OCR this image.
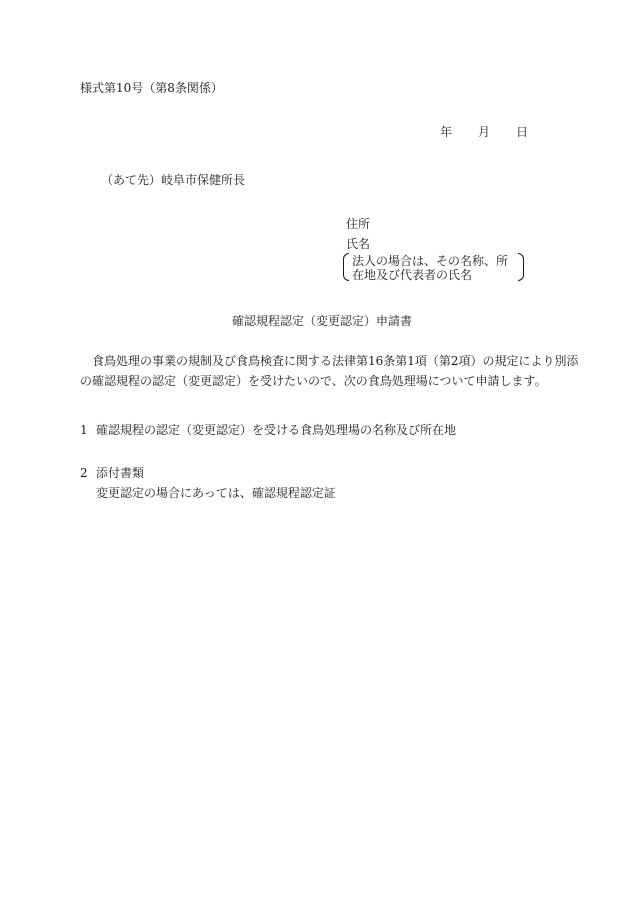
様式第10号（第8条関係）
年 月 日
（あて先）岐阜市保健所長
住所
氏名
法人の場合は、その名称、所
在地及び代表者の氏名
確認規程認定（変更認定）申請書
　食鳥処理の事業の規制及び食鳥検査に関する法律第16条第1項（第2項）の規定により別添
の確認規程の認定（変更認定）を受けたいので、次の食鳥処理場について申請します。
1 確認規程の認定（変更認定）を受ける食鳥処理場の名称及び所在地
2 添付書類
変更認定の場合にあっては、確認規程認定証
